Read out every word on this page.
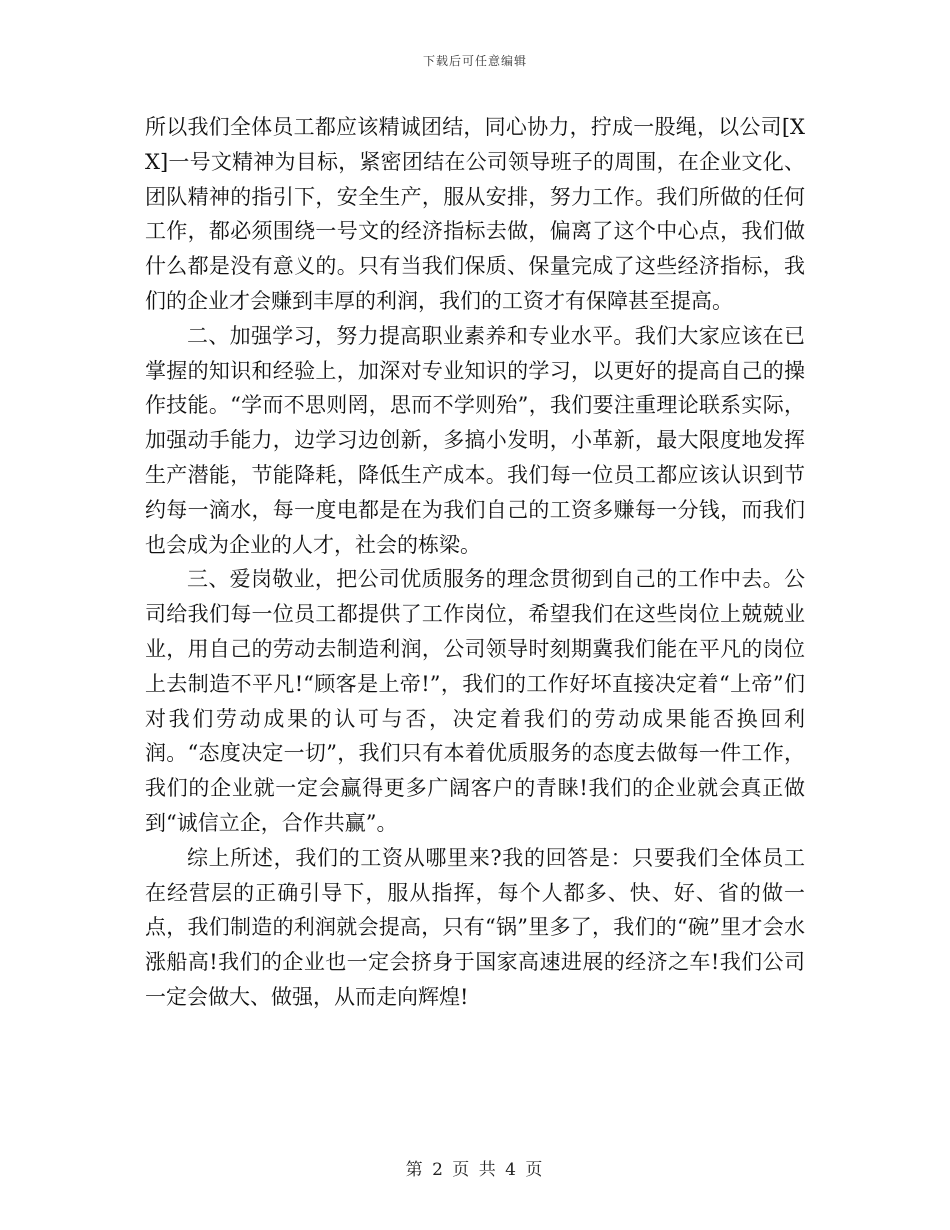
下载后可任意编辑

所以我们全体员工都应该精诚团结，同心协力，拧成一股绳，以公司[XX]一号文精神为目标，紧密团结在公司领导班子的周围，在企业文化、团队精神的指引下，安全生产，服从安排，努力工作。我们所做的任何工作，都必须围绕一号文的经济指标去做，偏离了这个中心点，我们做什么都是没有意义的。只有当我们保质、保量完成了这些经济指标，我们的企业才会赚到丰厚的利润，我们的工资才有保障甚至提高。

二、加强学习，努力提高职业素养和专业水平。我们大家应该在已掌握的知识和经验上，加深对专业知识的学习，以更好的提高自己的操作技能。“学而不思则罔，思而不学则殆”，我们要注重理论联系实际，加强动手能力，边学习边创新，多搞小发明，小革新，最大限度地发挥生产潜能，节能降耗，降低生产成本。我们每一位员工都应该认识到节约每一滴水，每一度电都是在为我们自己的工资多赚每一分钱，而我们也会成为企业的人才，社会的栋梁。

三、爱岗敬业，把公司优质服务的理念贯彻到自己的工作中去。公司给我们每一位员工都提供了工作岗位，希望我们在这些岗位上兢兢业业，用自己的劳动去制造利润，公司领导时刻期冀我们能在平凡的岗位上去制造不平凡!“顾客是上帝!”，我们的工作好坏直接决定着“上帝”们对我们劳动成果的认可与否，决定着我们的劳动成果能否换回利润。“态度决定一切”，我们只有本着优质服务的态度去做每一件工作，我们的企业就一定会赢得更多广阔客户的青睐!我们的企业就会真正做到“诚信立企，合作共赢”。

综上所述，我们的工资从哪里来?我的回答是：只要我们全体员工在经营层的正确引导下，服从指挥，每个人都多、快、好、省的做一点，我们制造的利润就会提高，只有“锅”里多了，我们的“碗”里才会水涨船高!我们的企业也一定会挤身于国家高速进展的经济之车!我们公司一定会做大、做强，从而走向辉煌!

第 2 页 共 4 页
